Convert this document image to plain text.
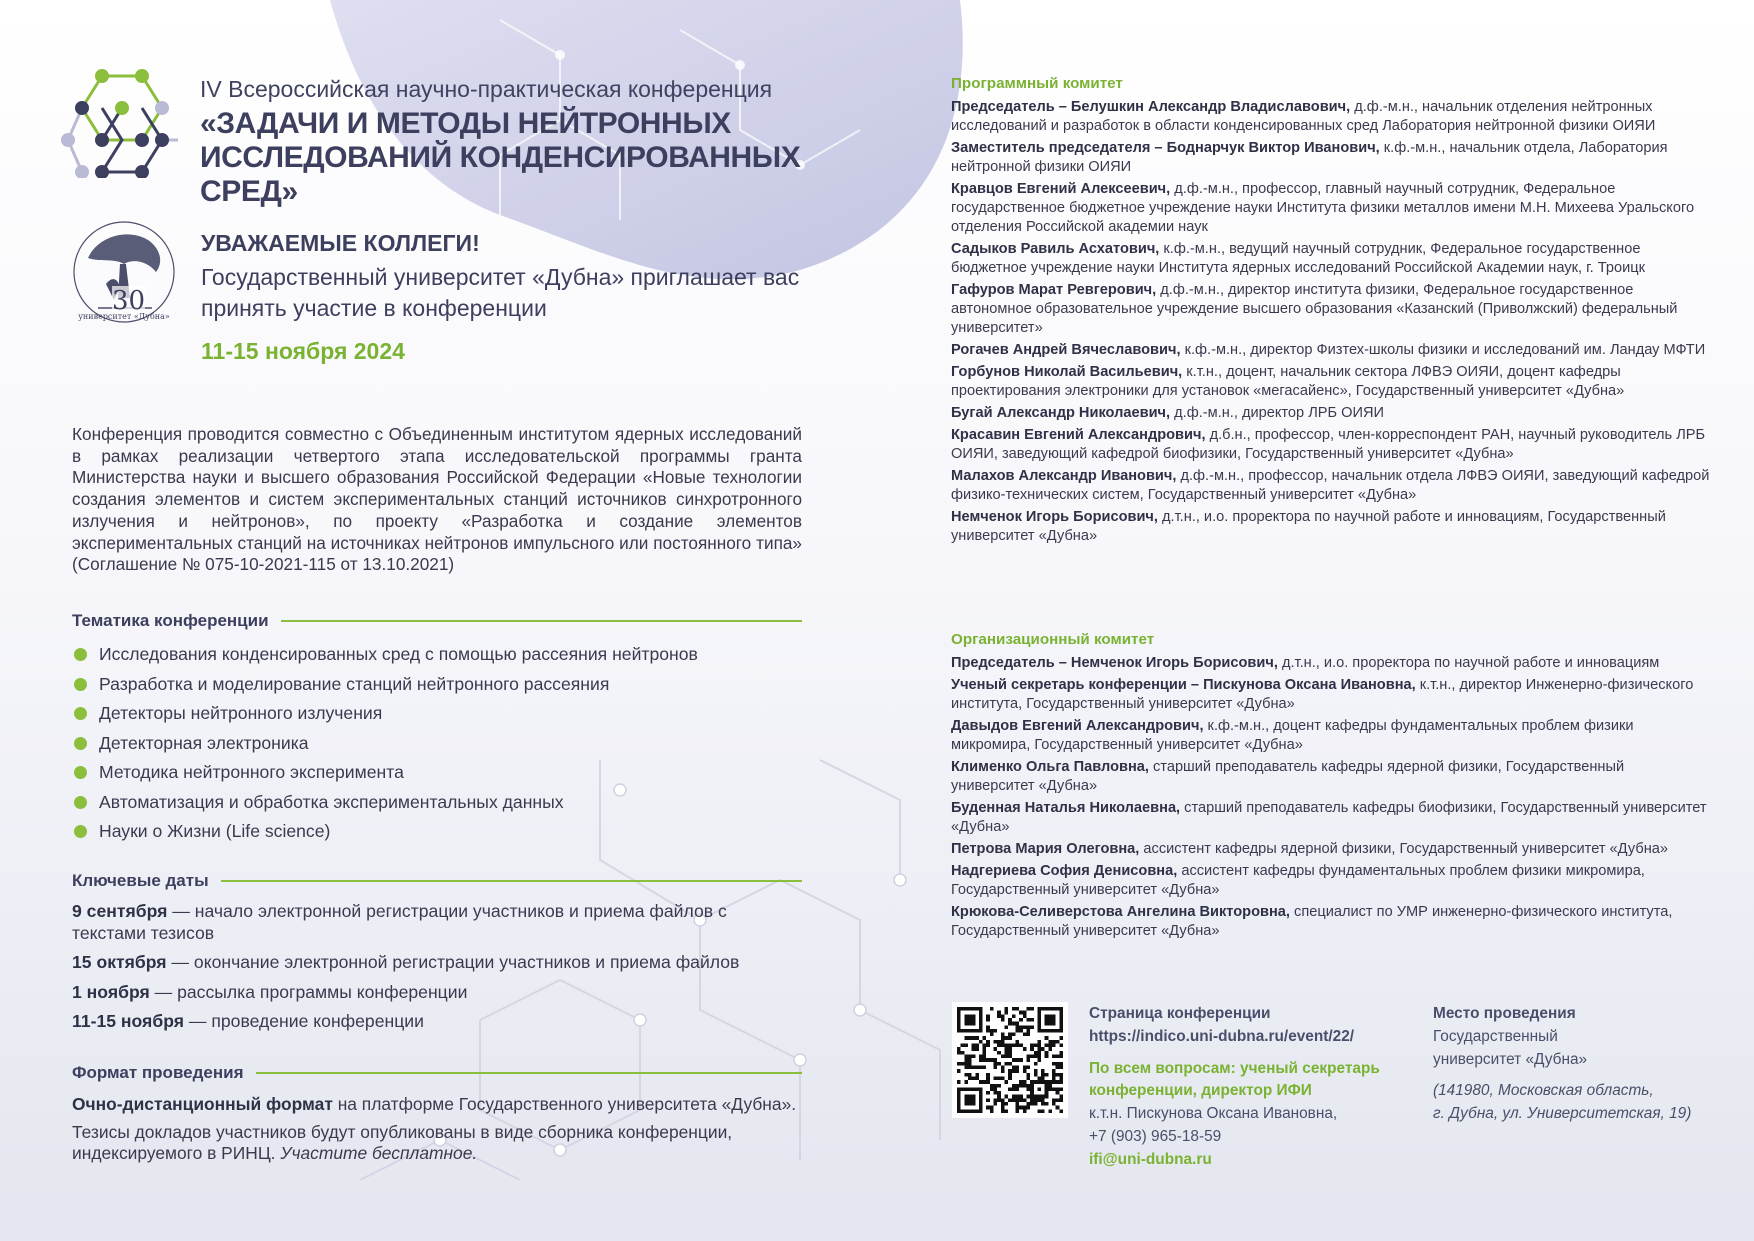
IV Всероссийская научно-практическая конференция
«ЗАДАЧИ И МЕТОДЫ НЕЙТРОННЫХ
ИССЛЕДОВАНИЙ КОНДЕНСИРОВАННЫХ СРЕД»
30
университет «Дубна»
УВАЖАЕМЫЕ КОЛЛЕГИ!
Государственный университет «Дубна» приглашает вас принять участие в конференции
11-15 ноября 2024
Конференция проводится совместно с Объединенным институтом ядерных исследований в рамках реализации четвертого этапа исследовательской программы гранта Министерства науки и высшего образования Российской Федерации «Новые технологии создания элементов и систем экспериментальных станций источников синхротронного излучения и нейтронов», по проекту «Разработка и создание элементов экспериментальных станций на источниках нейтронов импульсного или постоянного типа» (Соглашение № 075-10-2021-115 от 13.10.2021)
Тематика конференции
Исследования конденсированных сред с помощью рассеяния нейтронов
Разработка и моделирование станций нейтронного рассеяния
Детекторы нейтронного излучения
Детекторная электроника
Методика нейтронного эксперимента
Автоматизация и обработка экспериментальных данных
Науки о Жизни (Life science)
Ключевые даты

9 сентября — начало электронной регистрации участников и приема файлов с текстами тезисов

15 октября — окончание электронной регистрации участников и приема файлов

1 ноября — рассылка программы конференции

11-15 ноября — проведение конференции

Формат проведения

Очно-дистанционный формат на платформе Государственного университета «Дубна».

Тезисы докладов участников будут опубликованы в виде сборника конференции, индексируемого в РИНЦ. Участите бесплатное.

Программный комитет
Председатель – Белушкин Александр Владиславович, д.ф.-м.н., начальник отделения нейтронных исследований и разработок в области конденсированных сред Лаборатория нейтронной физики ОИЯИ
Заместитель председателя – Боднарчук Виктор Иванович, к.ф.-м.н., начальник отдела, Лаборатория нейтронной физики ОИЯИ
Кравцов Евгений Алексеевич, д.ф.-м.н., профессор, главный научный сотрудник, Федеральное государственное бюджетное учреждение науки Института физики металлов имени М.Н. Михеева Уральского отделения Российской академии наук
Садыков Равиль Асхатович, к.ф.-м.н., ведущий научный сотрудник, Федеральное государственное бюджетное учреждение науки Института ядерных исследований Российской Академии наук, г. Троицк
Гафуров Марат Ревгерович, д.ф.-м.н., директор института физики, Федеральное государственное автономное образовательное учреждение высшего образования «Казанский (Приволжский) федеральный университет»
Рогачев Андрей Вячеславович, к.ф.-м.н., директор Физтех-школы физики и исследований им. Ландау МФТИ
Горбунов Николай Васильевич, к.т.н., доцент, начальник сектора ЛФВЭ ОИЯИ, доцент кафедры проектирования электроники для установок «мегасайенс», Государственный университет «Дубна»
Бугай Александр Николаевич, д.ф.-м.н., директор ЛРБ ОИЯИ
Красавин Евгений Александрович, д.б.н., профессор, член-корреспондент РАН, научный руководитель ЛРБ ОИЯИ, заведующий кафедрой биофизики, Государственный университет «Дубна»
Малахов Александр Иванович, д.ф.-м.н., профессор, начальник отдела ЛФВЭ ОИЯИ, заведующий кафедрой физико-технических систем, Государственный университет «Дубна»
Немченок Игорь Борисович, д.т.н., и.о. проректора по научной работе и инновациям, Государственный университет «Дубна»
Организационный комитет
Председатель – Немченок Игорь Борисович, д.т.н., и.о. проректора по научной работе и инновациям
Ученый секретарь конференции – Пискунова Оксана Ивановна, к.т.н., директор Инженерно-физического института, Государственный университет «Дубна»
Давыдов Евгений Александрович, к.ф.-м.н., доцент кафедры фундаментальных проблем физики микромира, Государственный университет «Дубна»
Клименко Ольга Павловна, старший преподаватель кафедры ядерной физики, Государственный университет «Дубна»
Буденная Наталья Николаевна, старший преподаватель кафедры биофизики, Государственный университет «Дубна»
Петрова Мария Олеговна, ассистент кафедры ядерной физики, Государственный университет «Дубна»
Надгериева София Денисовна, ассистент кафедры фундаментальных проблем физики микромира, Государственный университет «Дубна»
Крюкова-Селиверстова Ангелина Викторовна, специалист по УМР инженерно-физического института, Государственный университет «Дубна»
Страница конференции
https://indico.uni-dubna.ru/event/22/
По всем вопросам: ученый секретарь
конференции, директор ИФИ
к.т.н. Пискунова Оксана Ивановна,
+7 (903) 965-18-59
ifi@uni-dubna.ru
Место проведения
Государственный
университет «Дубна»
(141980, Московская область,
г. Дубна, ул. Университетская, 19)
